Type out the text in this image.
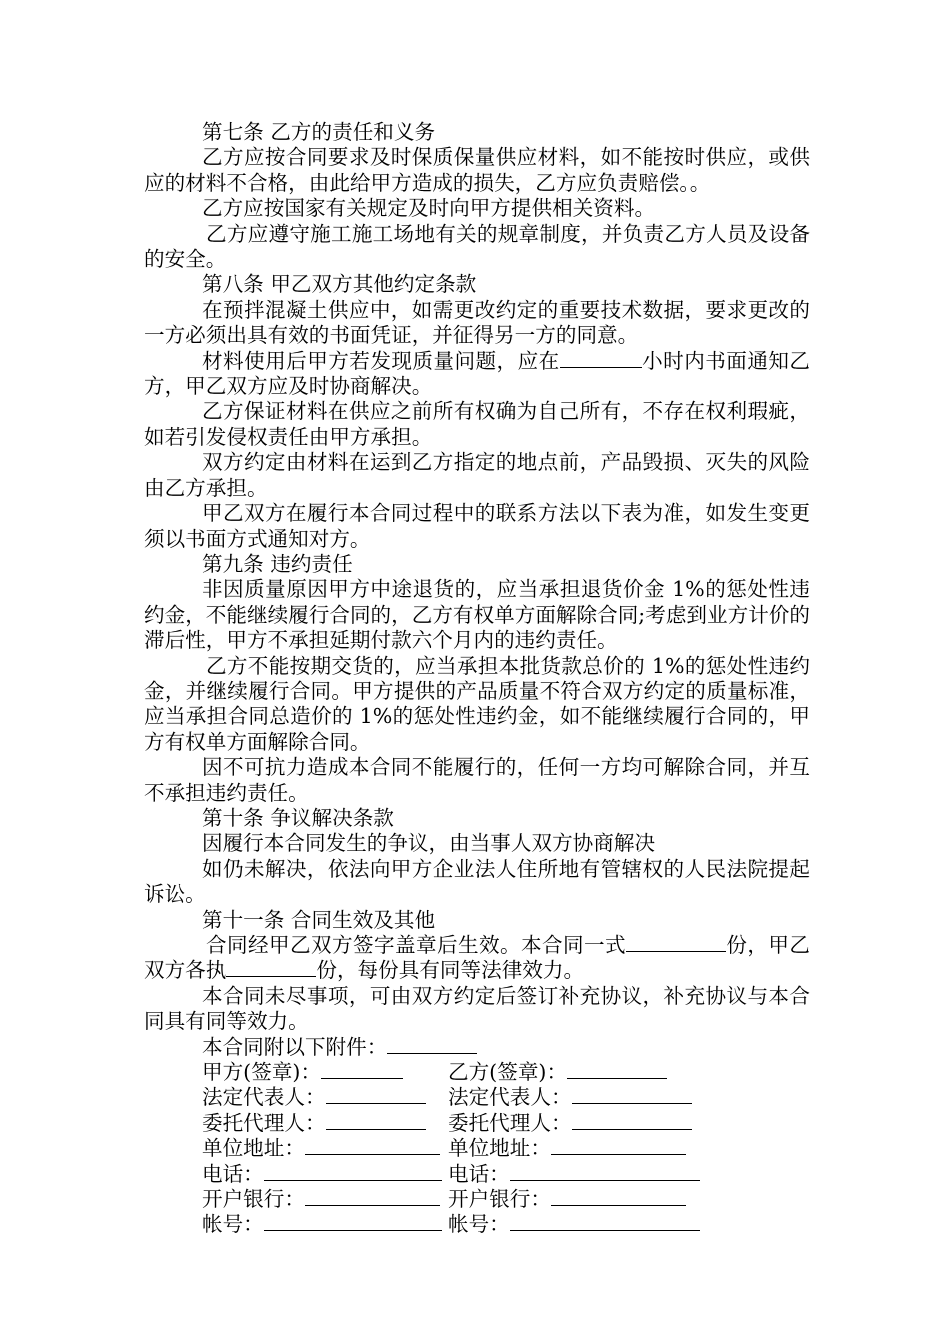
第七条 乙方的责任和义务
乙方应按合同要求及时保质保量供应材料，如不能按时供应，或供应的材料不合格，由此给甲方造成的损失，乙方应负责赔偿。。
乙方应按国家有关规定及时向甲方提供相关资料。
乙方应遵守施工施工场地有关的规章制度，并负责乙方人员及设备的安全。
第八条 甲乙双方其他约定条款
在预拌混凝土供应中，如需更改约定的重要技术数据，要求更改的一方必须出具有效的书面凭证，并征得另一方的同意。
材料使用后甲方若发现质量问题，应在	小时内书面通知乙方，甲乙双方应及时协商解决。
乙方保证材料在供应之前所有权确为自己所有，不存在权利瑕疵，如若引发侵权责任由甲方承担。
双方约定由材料在运到乙方指定的地点前，产品毁损、灭失的风险由乙方承担。
甲乙双方在履行本合同过程中的联系方法以下表为准，如发生变更须以书面方式通知对方。
第九条 违约责任
非因质量原因甲方中途退货的，应当承担退货价金 1%的惩处性违约金，不能继续履行合同的，乙方有权单方面解除合同;考虑到业方计价的滞后性，甲方不承担延期付款六个月内的违约责任。
乙方不能按期交货的，应当承担本批货款总价的 1%的惩处性违约金，并继续履行合同。甲方提供的产品质量不符合双方约定的质量标准，应当承担合同总造价的 1%的惩处性违约金，如不能继续履行合同的，甲方有权单方面解除合同。
因不可抗力造成本合同不能履行的，任何一方均可解除合同，并互不承担违约责任。
第十条 争议解决条款
因履行本合同发生的争议，由当事人双方协商解决
如仍未解决，依法向甲方企业法人住所地有管辖权的人民法院提起诉讼。
第十一条 合同生效及其他
合同经甲乙双方签字盖章后生效。本合同一式	份，甲乙双方各执	份，每份具有同等法律效力。
本合同未尽事项，可由双方约定后签订补充协议，补充协议与本合同具有同等效力。
本合同附以下附件：
甲方(签章)：	乙方(签章)：
法定代表人：	法定代表人：
委托代理人：	委托代理人：
单位地址：	单位地址：
电话：	电话：
开户银行：	开户银行：
帐号：	帐号：
